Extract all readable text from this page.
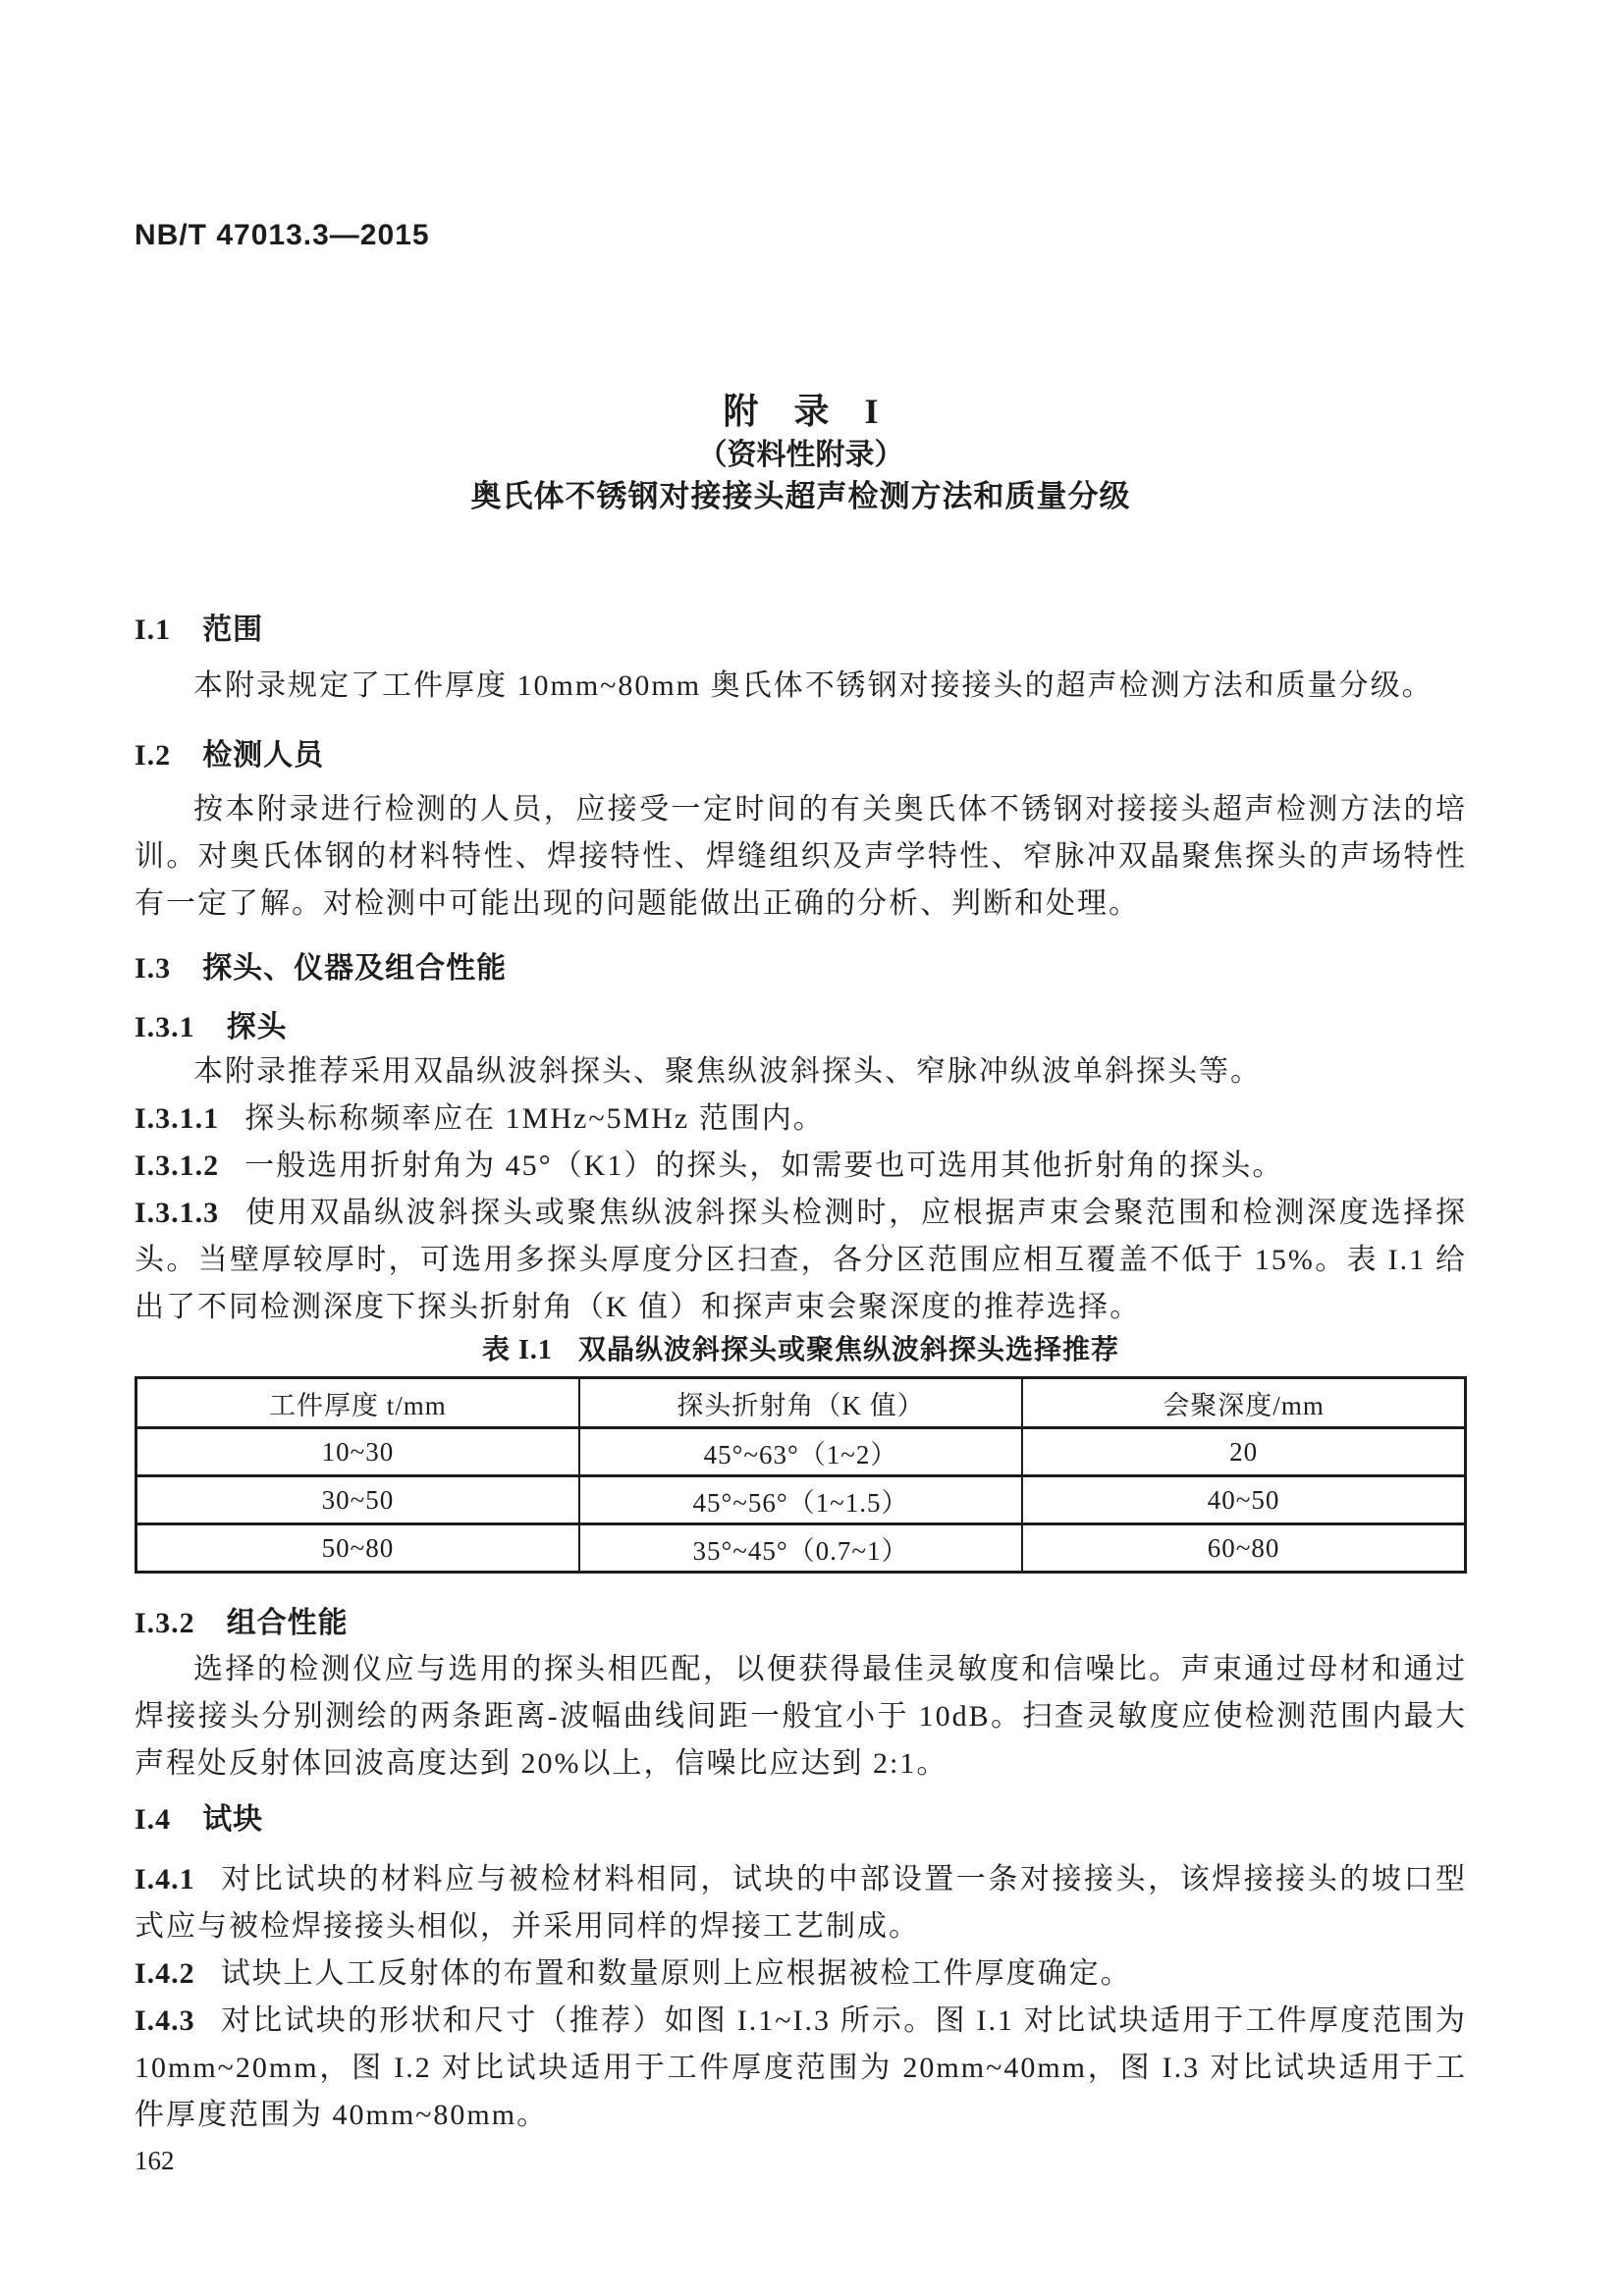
NB/T 47013.3—2015
附　录　I
（资料性附录）
奥氏体不锈钢对接接头超声检测方法和质量分级
I.1 范围

本附录规定了工件厚度 10mm~80mm 奥氏体不锈钢对接接头的超声检测方法和质量分级。

I.2 检测人员

按本附录进行检测的人员，应接受一定时间的有关奥氏体不锈钢对接接头超声检测方法的培训。对奥氏体钢的材料特性、焊接特性、焊缝组织及声学特性、窄脉冲双晶聚焦探头的声场特性有一定了解。对检测中可能出现的问题能做出正确的分析、判断和处理。

I.3 探头、仪器及组合性能
I.3.1 探头

本附录推荐采用双晶纵波斜探头、聚焦纵波斜探头、窄脉冲纵波单斜探头等。

I.3.1.1 探头标称频率应在 1MHz~5MHz 范围内。

I.3.1.2 一般选用折射角为 45°（K1）的探头，如需要也可选用其他折射角的探头。

I.3.1.3 使用双晶纵波斜探头或聚焦纵波斜探头检测时，应根据声束会聚范围和检测深度选择探头。当壁厚较厚时，可选用多探头厚度分区扫查，各分区范围应相互覆盖不低于 15%。表 I.1 给出了不同检测深度下探头折射角（K 值）和探声束会聚深度的推荐选择。

表 I.1 双晶纵波斜探头或聚焦纵波斜探头选择推荐
工件厚度 t/mm	探头折射角（K 值）	会聚深度/mm
10~30	45°~63°（1~2）	20
30~50	45°~56°（1~1.5）	40~50
50~80	35°~45°（0.7~1）	60~80
I.3.2 组合性能

选择的检测仪应与选用的探头相匹配，以便获得最佳灵敏度和信噪比。声束通过母材和通过焊接接头分别测绘的两条距离-波幅曲线间距一般宜小于 10dB。扫查灵敏度应使检测范围内最大声程处反射体回波高度达到 20%以上，信噪比应达到 2:1。

I.4 试块

I.4.1 对比试块的材料应与被检材料相同，试块的中部设置一条对接接头，该焊接接头的坡口型式应与被检焊接接头相似，并采用同样的焊接工艺制成。

I.4.2 试块上人工反射体的布置和数量原则上应根据被检工件厚度确定。

I.4.3 对比试块的形状和尺寸（推荐）如图 I.1~I.3 所示。图 I.1 对比试块适用于工件厚度范围为 10mm~20mm，图 I.2 对比试块适用于工件厚度范围为 20mm~40mm，图 I.3 对比试块适用于工件厚度范围为 40mm~80mm。

162
